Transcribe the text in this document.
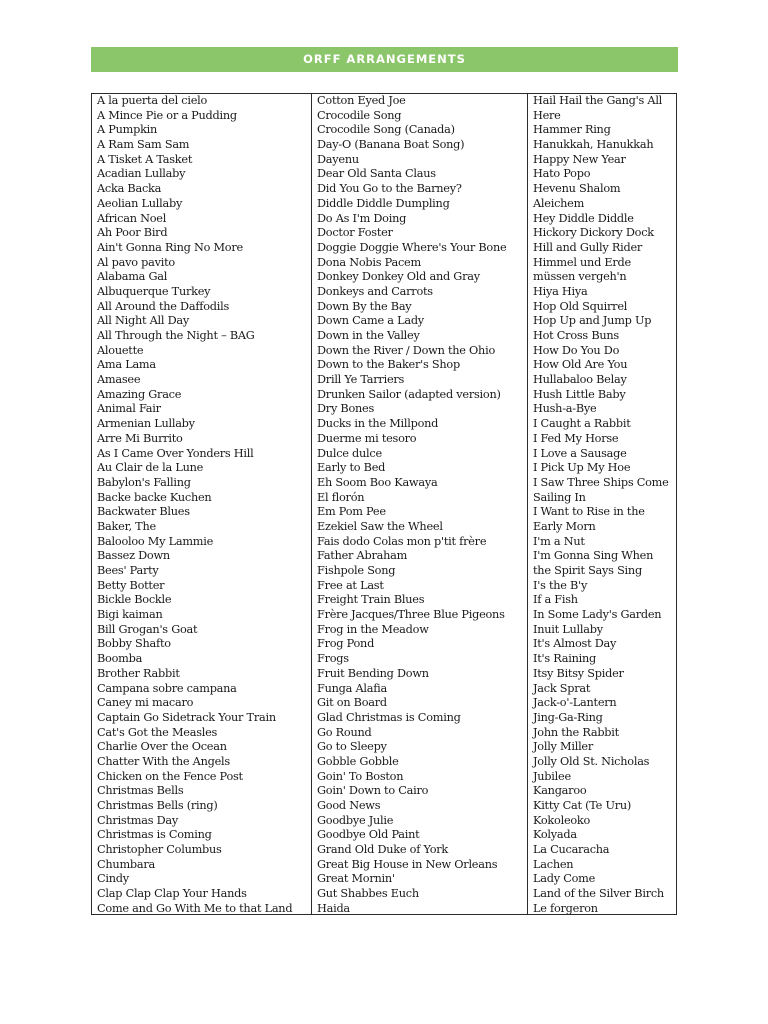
ORFF ARRANGEMENTS
A la puerta del cielo
A Mince Pie or a Pudding
A Pumpkin
A Ram Sam Sam
A Tisket A Tasket
Acadian Lullaby
Acka Backa
Aeolian Lullaby
African Noel
Ah Poor Bird
Ain't Gonna Ring No More
Al pavo pavito
Alabama Gal
Albuquerque Turkey
All Around the Daffodils
All Night All Day
All Through the Night – BAG
Alouette
Ama Lama
Amasee
Amazing Grace
Animal Fair
Armenian Lullaby
Arre Mi Burrito
As I Came Over Yonders Hill
Au Clair de la Lune
Babylon's Falling
Backe backe Kuchen
Backwater Blues
Baker, The
Balooloo My Lammie
Bassez Down
Bees' Party
Betty Botter
Bickle Bockle
Bigi kaiman
Bill Grogan's Goat
Bobby Shafto
Boomba
Brother Rabbit
Campana sobre campana
Caney mi macaro
Captain Go Sidetrack Your Train
Cat's Got the Measles
Charlie Over the Ocean
Chatter With the Angels
Chicken on the Fence Post
Christmas Bells
Christmas Bells (ring)
Christmas Day
Christmas is Coming
Christopher Columbus
Chumbara
Cindy
Clap Clap Clap Your Hands
Come and Go With Me to that Land
Cotton Eyed Joe
Crocodile Song
Crocodile Song (Canada)
Day-O (Banana Boat Song)
Dayenu
Dear Old Santa Claus
Did You Go to the Barney?
Diddle Diddle Dumpling
Do As I'm Doing
Doctor Foster
Doggie Doggie Where's Your Bone
Dona Nobis Pacem
Donkey Donkey Old and Gray
Donkeys and Carrots
Down By the Bay
Down Came a Lady
Down in the Valley
Down the River / Down the Ohio
Down to the Baker's Shop
Drill Ye Tarriers
Drunken Sailor (adapted version)
Dry Bones
Ducks in the Millpond
Duerme mi tesoro
Dulce dulce
Early to Bed
Eh Soom Boo Kawaya
El florón
Em Pom Pee
Ezekiel Saw the Wheel
Fais dodo Colas mon p'tit frère
Father Abraham
Fishpole Song
Free at Last
Freight Train Blues
Frère Jacques/Three Blue Pigeons
Frog in the Meadow
Frog Pond
Frogs
Fruit Bending Down
Funga Alafia
Git on Board
Glad Christmas is Coming
Go Round
Go to Sleepy
Gobble Gobble
Goin' To Boston
Goin' Down to Cairo
Good News
Goodbye Julie
Goodbye Old Paint
Grand Old Duke of York
Great Big House in New Orleans
Great Mornin'
Gut Shabbes Euch
Haida
Hail Hail the Gang's All
Here
Hammer Ring
Hanukkah, Hanukkah
Happy New Year
Hato Popo
Hevenu Shalom
Aleichem
Hey Diddle Diddle
Hickory Dickory Dock
Hill and Gully Rider
Himmel und Erde
müssen vergeh'n
Hiya Hiya
Hop Old Squirrel
Hop Up and Jump Up
Hot Cross Buns
How Do You Do
How Old Are You
Hullabaloo Belay
Hush Little Baby
Hush-a-Bye
I Caught a Rabbit
I Fed My Horse
I Love a Sausage
I Pick Up My Hoe
I Saw Three Ships Come
Sailing In
I Want to Rise in the
Early Morn
I'm a Nut
I'm Gonna Sing When
the Spirit Says Sing
I's the B'y
If a Fish
In Some Lady's Garden
Inuit Lullaby
It's Almost Day
It's Raining
Itsy Bitsy Spider
Jack Sprat
Jack-o'-Lantern
Jing-Ga-Ring
John the Rabbit
Jolly Miller
Jolly Old St. Nicholas
Jubilee
Kangaroo
Kitty Cat (Te Uru)
Kokoleoko
Kolyada
La Cucaracha
Lachen
Lady Come
Land of the Silver Birch
Le forgeron
